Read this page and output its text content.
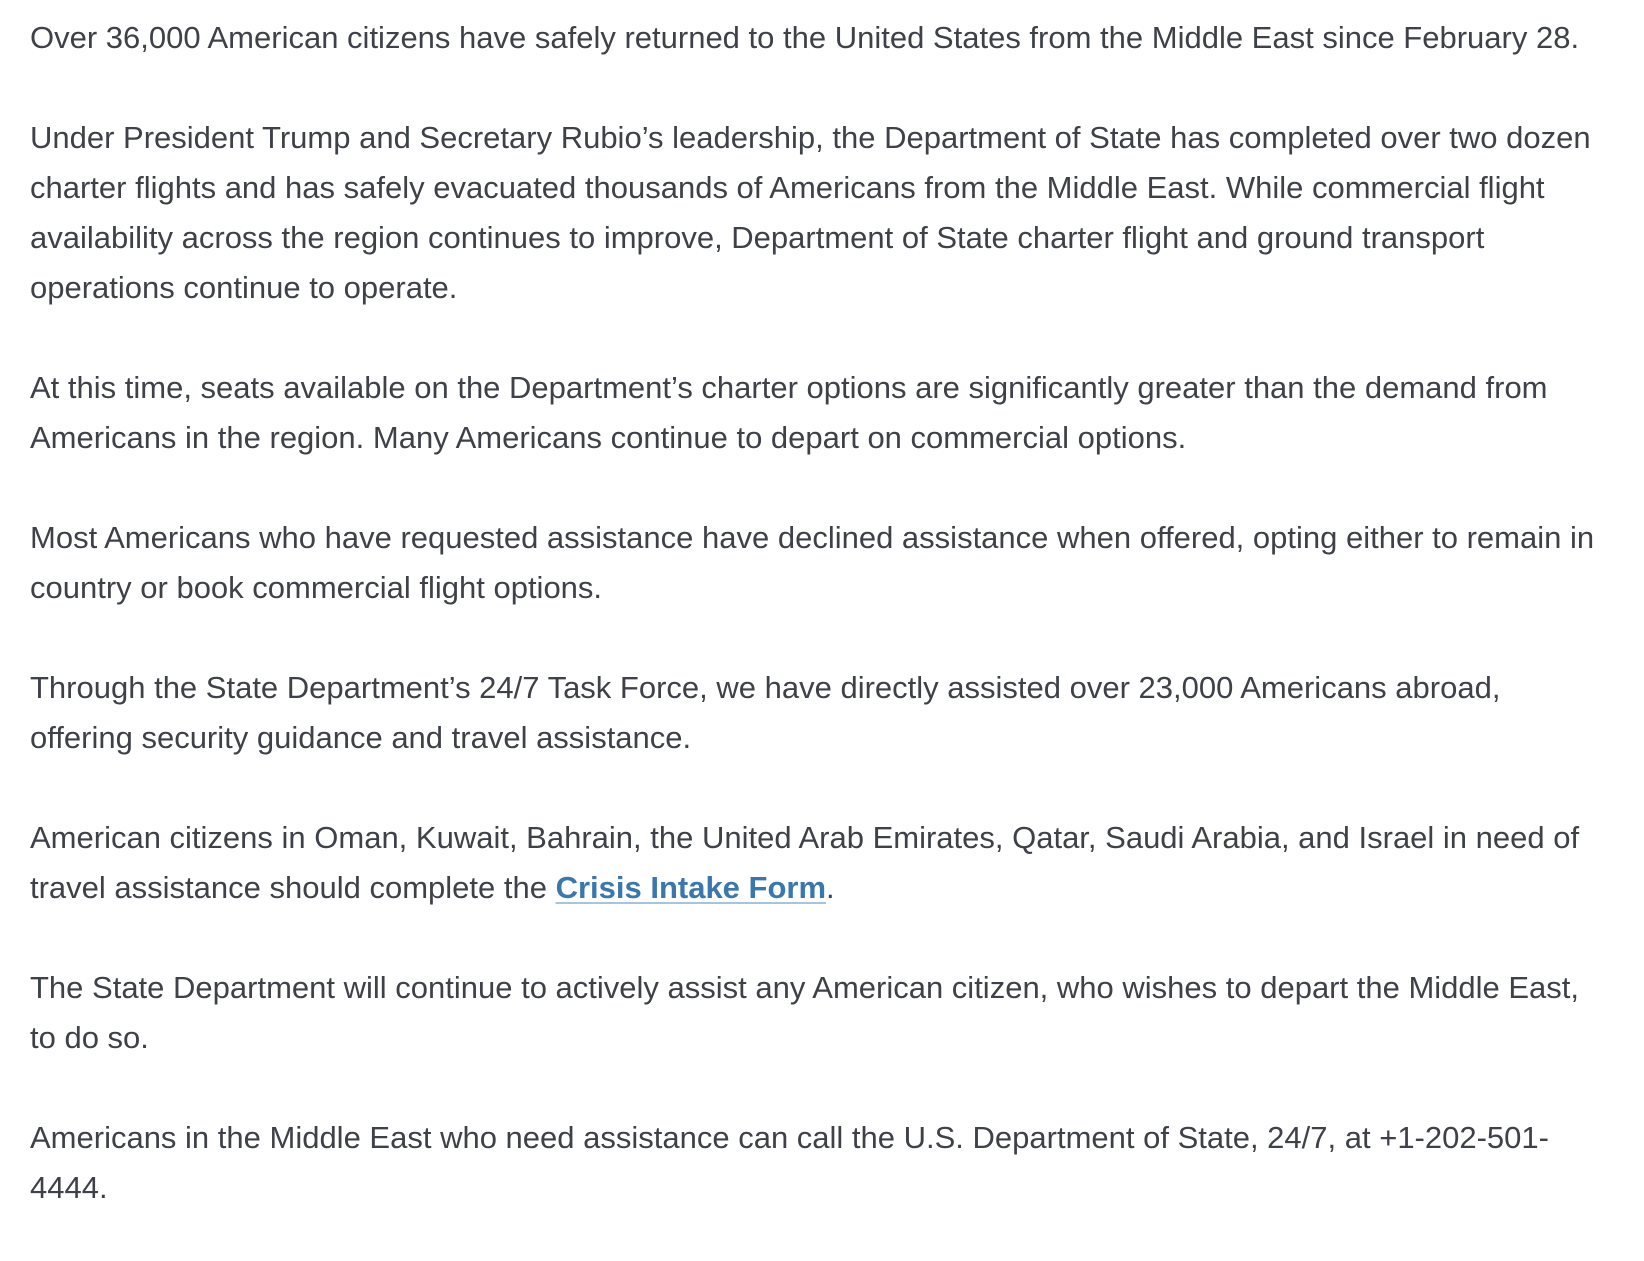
Over 36,000 American citizens have safely returned to the United States from the Middle East since February 28.

Under President Trump and Secretary Rubio’s leadership, the Department of State has completed over two dozen charter flights and has safely evacuated thousands of Americans from the Middle East. While commercial flight availability across the region continues to improve, Department of State charter flight and ground transport operations continue to operate.

At this time, seats available on the Department’s charter options are significantly greater than the demand from Americans in the region. Many Americans continue to depart on commercial options.

Most Americans who have requested assistance have declined assistance when offered, opting either to remain in country or book commercial flight options.

Through the State Department’s 24/7 Task Force, we have directly assisted over 23,000 Americans abroad, offering security guidance and travel assistance.

American citizens in Oman, Kuwait, Bahrain, the United Arab Emirates, Qatar, Saudi Arabia, and Israel in need of travel assistance should complete the Crisis Intake Form.

The State Department will continue to actively assist any American citizen, who wishes to depart the Middle East, to do so.

Americans in the Middle East who need assistance can call the U.S. Department of State, 24/7, at +1-202-501-4444.
